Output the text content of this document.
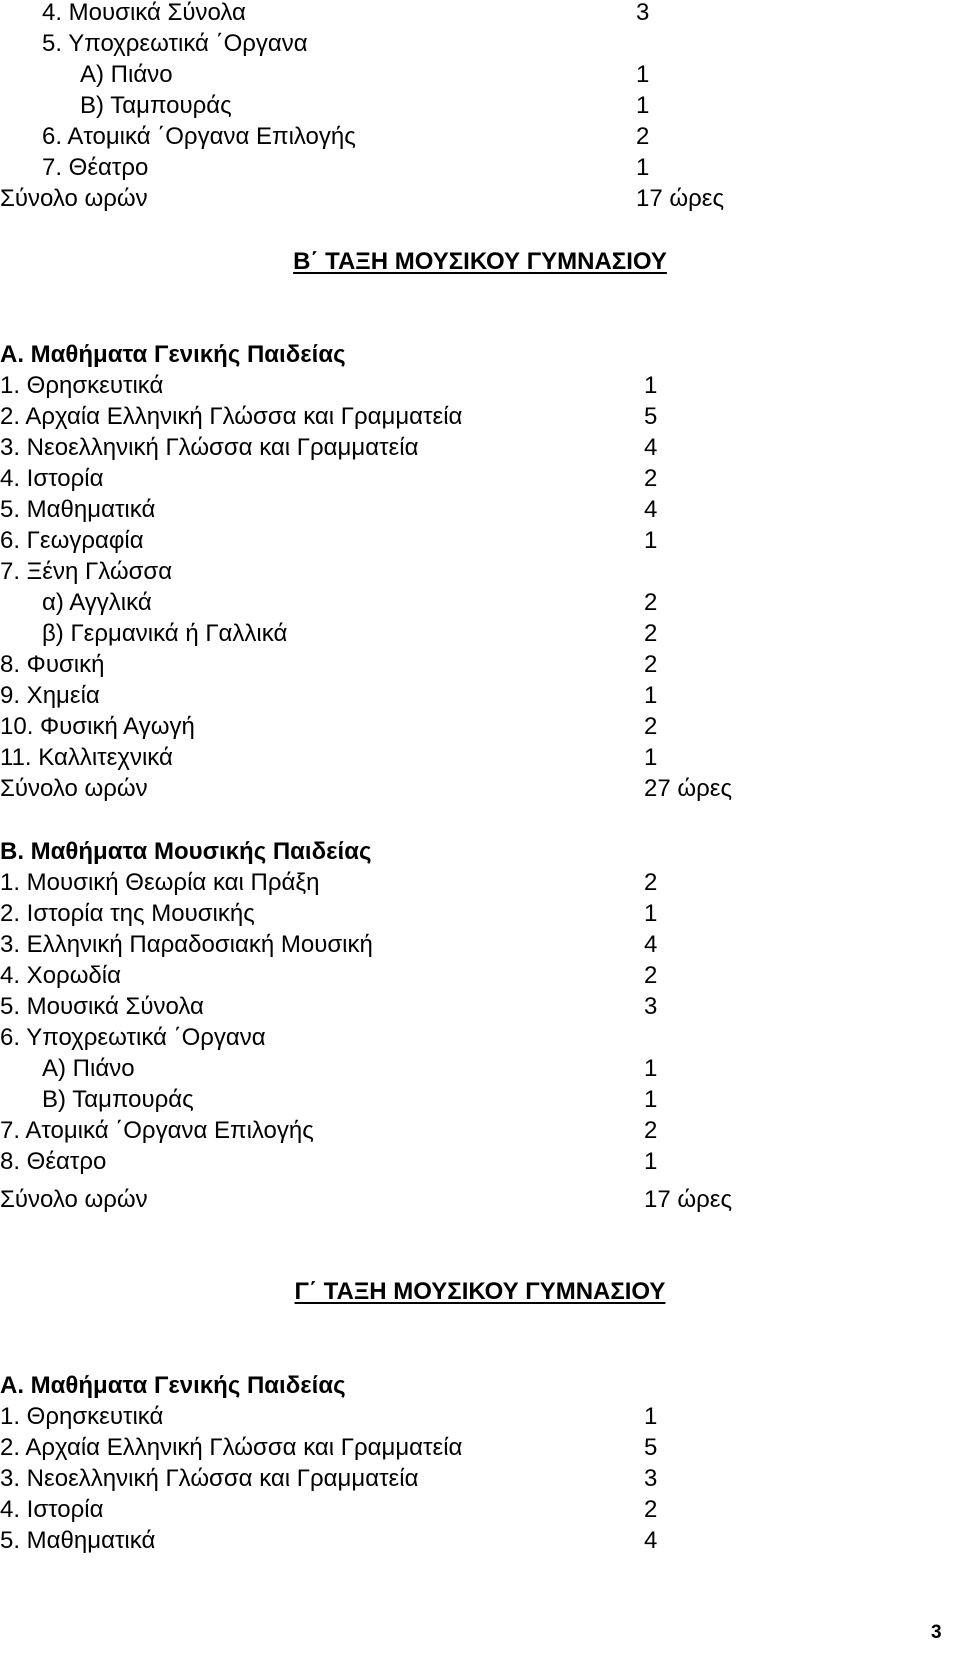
4. Μουσικά Σύνολα	3
5. Υποχρεωτικά ΄Οργανα
Α) Πιάνο	1
Β) Ταμπουράς	1
6. Ατομικά ΄Οργανα Επιλογής	2
7. Θέατρο	1
Σύνολο ωρών	17 ώρες
Β΄ ΤΑΞΗ ΜΟΥΣΙΚΟΥ ΓΥΜΝΑΣΙΟΥ
Α. Μαθήματα Γενικής Παιδείας
1. Θρησκευτικά	1
2. Αρχαία Ελληνική Γλώσσα και Γραμματεία	5
3. Νεοελληνική Γλώσσα και Γραμματεία	4
4. Ιστορία	2
5. Μαθηματικά	4
6. Γεωγραφία	1
7. Ξένη Γλώσσα
α) Αγγλικά	2
β) Γερμανικά ή Γαλλικά	2
8. Φυσική	2
9. Χημεία	1
10. Φυσική Αγωγή	2
11. Καλλιτεχνικά	1
Σύνολο ωρών	27 ώρες
Β. Μαθήματα Μουσικής Παιδείας
1. Μουσική Θεωρία και Πράξη	2
2. Ιστορία της Μουσικής	1
3. Ελληνική Παραδοσιακή Μουσική	4
4. Χορωδία	2
5. Μουσικά Σύνολα	3
6. Υποχρεωτικά ΄Οργανα
Α) Πιάνο	1
Β) Ταμπουράς	1
7. Ατομικά ΄Οργανα Επιλογής	2
8. Θέατρο	1
Σύνολο ωρών	17 ώρες
Γ΄ ΤΑΞΗ ΜΟΥΣΙΚΟΥ ΓΥΜΝΑΣΙΟΥ
Α. Μαθήματα Γενικής Παιδείας
1. Θρησκευτικά	1
2. Αρχαία Ελληνική Γλώσσα και Γραμματεία	5
3. Νεοελληνική Γλώσσα και Γραμματεία	3
4. Ιστορία	2
5. Μαθηματικά	4
3
